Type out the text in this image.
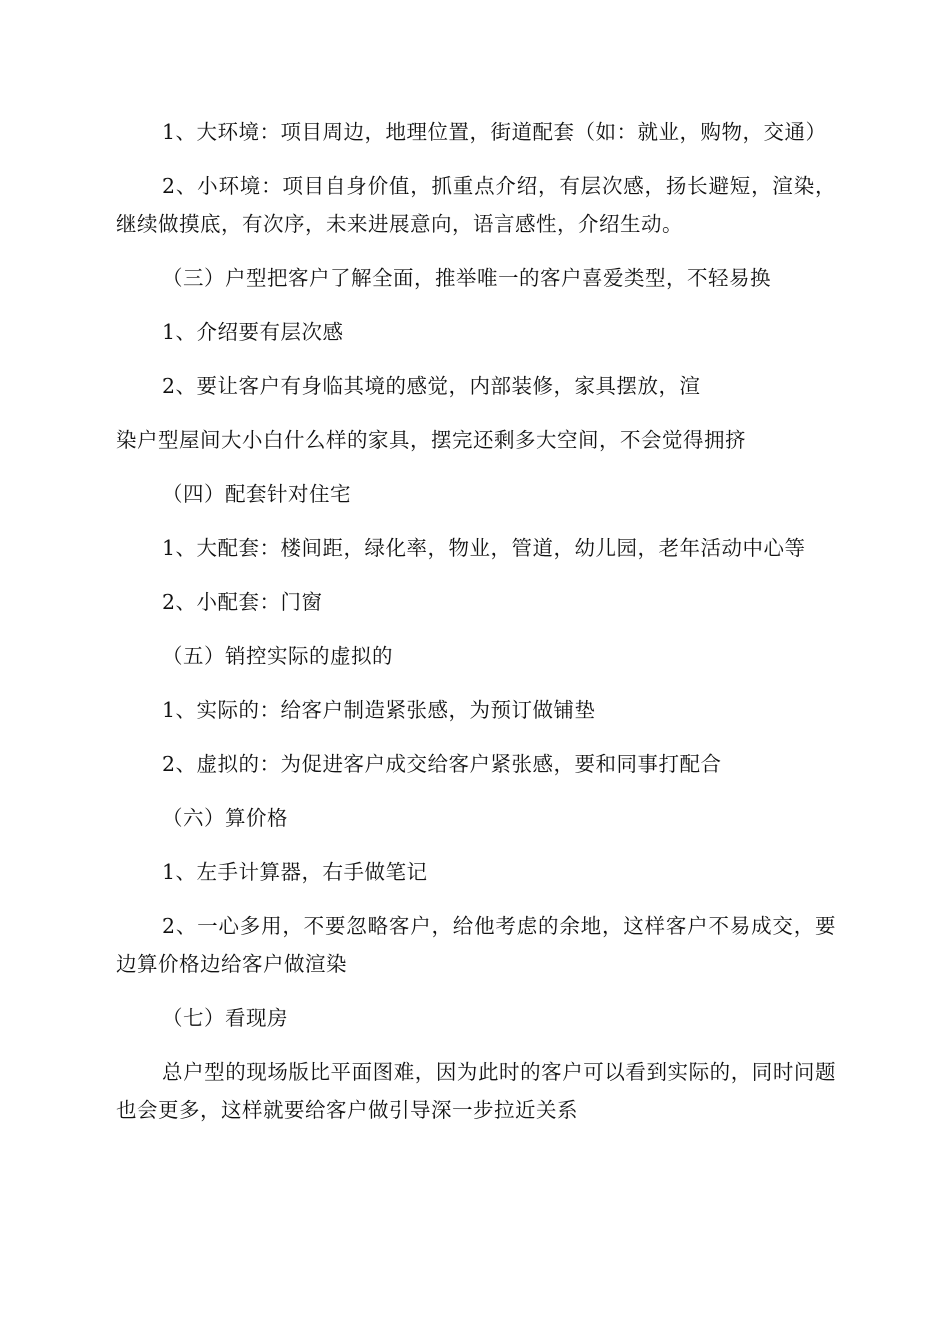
1、大环境：项目周边，地理位置，街道配套（如：就业，购物，交通）

2、小环境：项目自身价值，抓重点介绍，有层次感，扬长避短，渲染，继续做摸底，有次序，未来进展意向，语言感性，介绍生动。

（三）户型把客户了解全面，推举唯一的客户喜爱类型，不轻易换

1、介绍要有层次感

2、要让客户有身临其境的感觉，内部装修，家具摆放，渲

染户型屋间大小白什么样的家具，摆完还剩多大空间，不会觉得拥挤

（四）配套针对住宅

1、大配套：楼间距，绿化率，物业，管道，幼儿园，老年活动中心等

2、小配套：门窗

（五）销控实际的虚拟的

1、实际的：给客户制造紧张感，为预订做铺垫

2、虚拟的：为促进客户成交给客户紧张感，要和同事打配合

（六）算价格

1、左手计算器，右手做笔记

2、一心多用，不要忽略客户，给他考虑的余地，这样客户不易成交，要边算价格边给客户做渲染

（七）看现房

总户型的现场版比平面图难，因为此时的客户可以看到实际的，同时问题也会更多，这样就要给客户做引导深一步拉近关系
